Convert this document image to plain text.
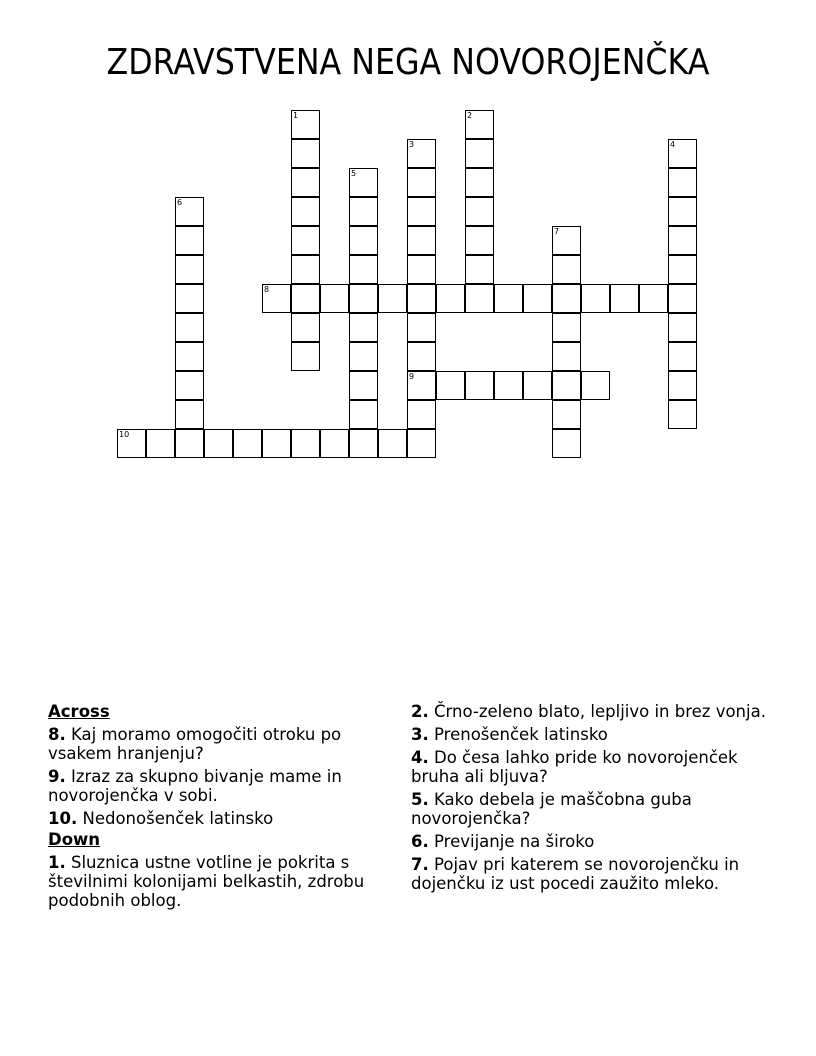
ZDRAVSTVENA NEGA NOVOROJENČKA
1	2
3
9
4
5
6
7
8
10
Across
8. Kaj moramo omogočiti otroku po vsakem hranjenju?
9. Izraz za skupno bivanje mame in novorojenčka v sobi.
10. Nedonošenček latinsko
Down
1. Sluznica ustne votline je pokrita s številnimi kolonijami belkastih, zdrobu podobnih oblog.
2. Črno-zeleno blato, lepljivo in brez vonja.
3. Prenošenček latinsko
4. Do česa lahko pride ko novorojenček bruha ali bljuva?
5. Kako debela je maščobna guba novorojenčka?
6. Previjanje na široko
7. Pojav pri katerem se novorojenčku in dojenčku iz ust pocedi zaužito mleko.
